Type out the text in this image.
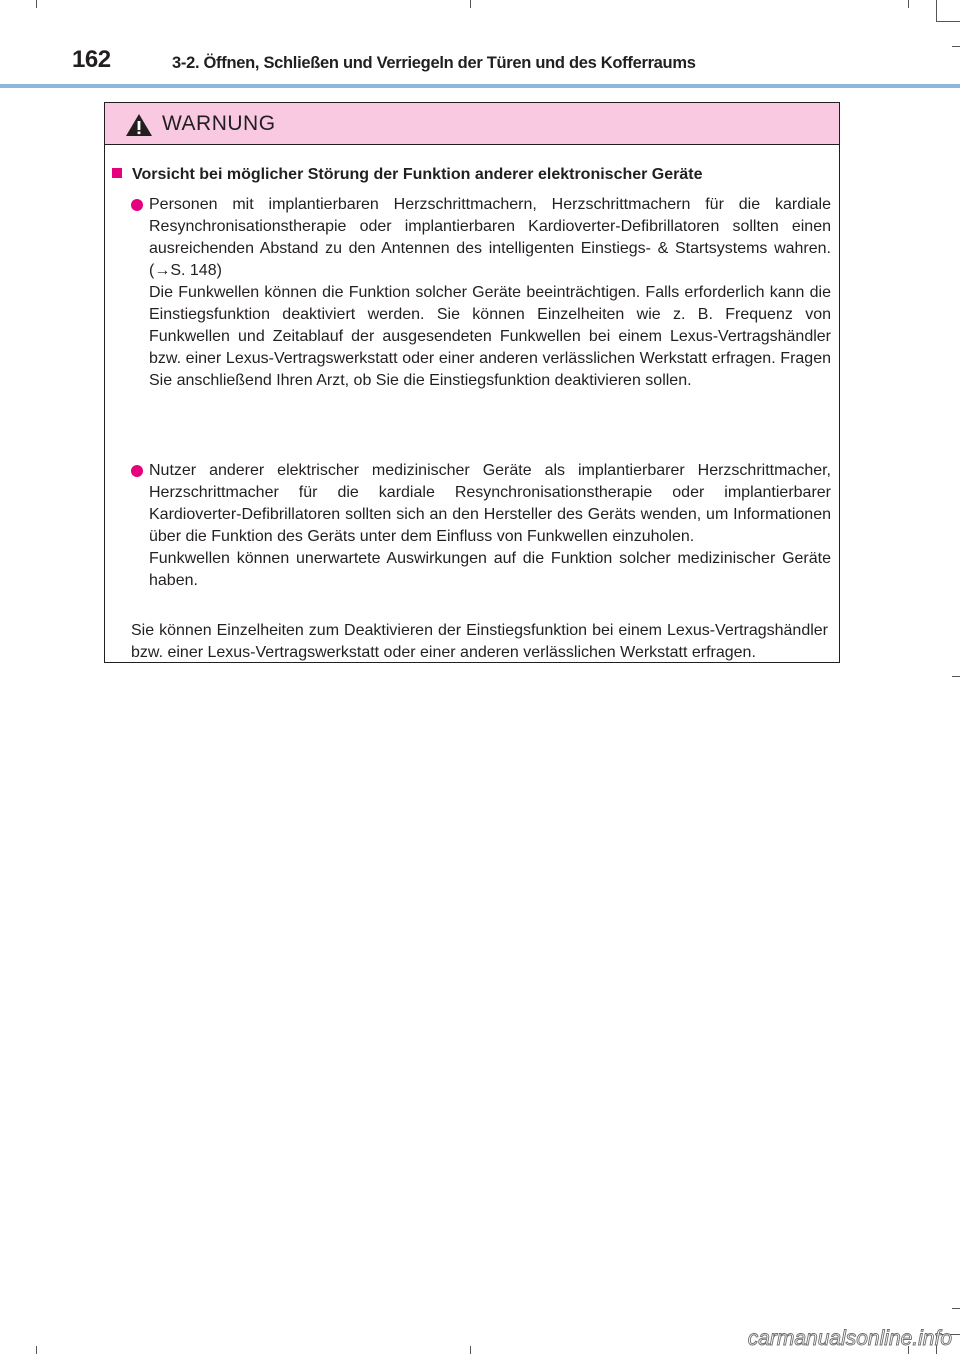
162	3-2. Öffnen, Schließen und Verriegeln der Türen und des Kofferraums
WARNUNG
Vorsicht bei möglicher Störung der Funktion anderer elektronischer Geräte

Personen mit implantierbaren Herzschrittmachern, Herzschrittmachern für die kardiale Resynchronisationstherapie oder implantierbaren Kardioverter-Defibrillatoren sollten einen ausreichenden Abstand zu den Antennen des intelligenten Einstiegs- & Startsystems wahren. (→S. 148)

Die Funkwellen können die Funktion solcher Geräte beeinträchtigen. Falls erforderlich kann die Einstiegsfunktion deaktiviert werden. Sie können Einzelheiten wie z. B. Frequenz von Funkwellen und Zeitablauf der ausgesendeten Funkwellen bei einem Lexus-Vertragshändler bzw. einer Lexus-Vertragswerkstatt oder einer anderen verlässlichen Werkstatt erfragen. Fragen Sie anschließend Ihren Arzt, ob Sie die Einstiegsfunktion deaktivieren sollen.

Nutzer anderer elektrischer medizinischer Geräte als implantierbarer Herzschrittmacher, Herzschrittmacher für die kardiale Resynchronisationstherapie oder implantierbarer Kardioverter-Defibrillatoren sollten sich an den Hersteller des Geräts wenden, um Informationen über die Funktion des Geräts unter dem Einfluss von Funkwellen einzuholen.

Funkwellen können unerwartete Auswirkungen auf die Funktion solcher medizinischer Geräte haben.

Sie können Einzelheiten zum Deaktivieren der Einstiegsfunktion bei einem Lexus-Vertragshändler bzw. einer Lexus-Vertragswerkstatt oder einer anderen verlässlichen Werkstatt erfragen.
carmanualsonline.info
